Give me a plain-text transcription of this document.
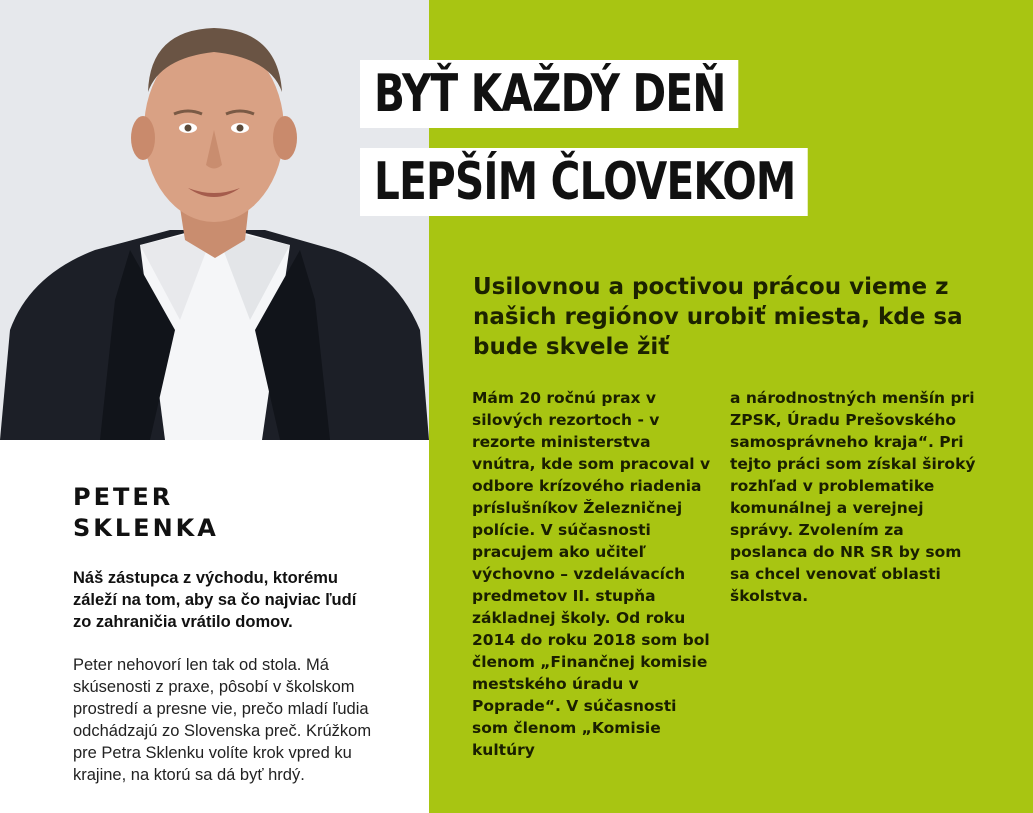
BYŤ KAŽDÝ DEŇ
LEPŠÍM ČLOVEKOM
Usilovnou a poctivou prácou vieme z našich regiónov urobiť miesta, kde sa bude skvele žiť

Mám 20 ročnú prax v silových rezortoch - v rezorte ministerstva vnútra, kde som pracoval v odbore krízového riadenia príslušníkov Železničnej polície. V súčasnosti pracujem ako učiteľ výchovno – vzdelávacích predmetov II. stupňa základnej školy. Od roku 2014 do roku 2018 som bol členom „Finančnej komisie mestského úradu v Poprade“. V súčasnosti som členom „Komisie kultúry

a národnostných menšín pri ZPSK, Úradu Prešovského samosprávneho kraja“. Pri tejto práci som získal široký rozhľad v problematike komunálnej a verejnej správy. Zvolením za poslanca do NR SR by som sa chcel venovať oblasti školstva.

PETER
SKLENKA
Náš zástupca z východu, ktorému záleží na tom, aby sa čo najviac ľudí zo zahraničia vrátilo domov.
Peter nehovorí len tak od stola. Má skúsenosti z praxe, pôsobí v školskom prostredí a presne vie, prečo mladí ľudia odchádzajú zo Slovenska preč. Krúžkom pre Petra Sklenku volíte krok vpred ku krajine, na ktorú sa dá byť hrdý.
